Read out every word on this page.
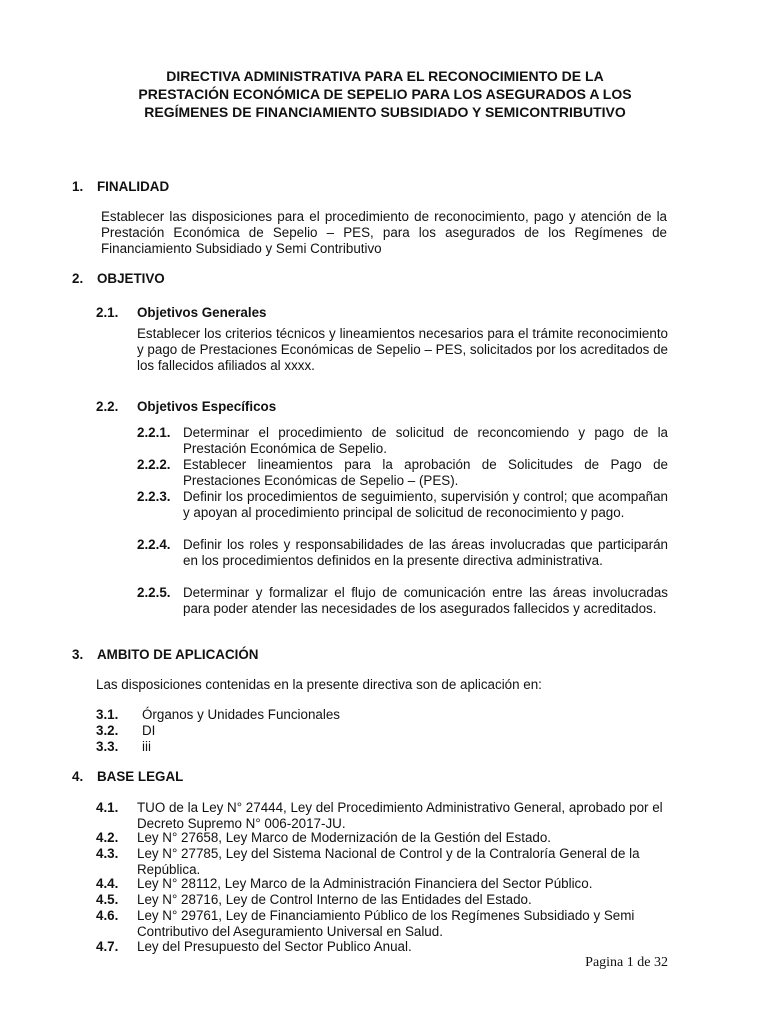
DIRECTIVA ADMINISTRATIVA PARA EL RECONOCIMIENTO DE LA
PRESTACIÓN ECONÓMICA DE SEPELIO PARA LOS ASEGURADOS A LOS
REGÍMENES DE FINANCIAMIENTO SUBSIDIADO Y SEMICONTRIBUTIVO
1. FINALIDAD
Establecer las disposiciones para el procedimiento de reconocimiento, pago y atención de la Prestación Económica de Sepelio – PES, para los asegurados de los Regímenes de Financiamiento Subsidiado y Semi Contributivo
2. OBJETIVO
2.1. Objetivos Generales
Establecer los criterios técnicos y lineamientos necesarios para el trámite reconocimiento y pago de Prestaciones Económicas de Sepelio – PES, solicitados por los acreditados de los fallecidos afiliados al xxxx.
2.2. Objetivos Específicos
2.2.1. Determinar el procedimiento de solicitud de reconcomiendo y pago de la Prestación Económica de Sepelio.
2.2.2. Establecer lineamientos para la aprobación de Solicitudes de Pago de Prestaciones Económicas de Sepelio – (PES).
2.2.3. Definir los procedimientos de seguimiento, supervisión y control; que acompañan y apoyan al procedimiento principal de solicitud de reconocimiento y pago.
2.2.4. Definir los roles y responsabilidades de las áreas involucradas que participarán en los procedimientos definidos en la presente directiva administrativa.
2.2.5. Determinar y formalizar el flujo de comunicación entre las áreas involucradas para poder atender las necesidades de los asegurados fallecidos y acreditados.
3. AMBITO DE APLICACIÓN
Las disposiciones contenidas en la presente directiva son de aplicación en:
3.1.	Órganos y Unidades Funcionales
3.2.	DI
3.3.	iii
4. BASE LEGAL
4.1. TUO de la Ley N° 27444, Ley del Procedimiento Administrativo General, aprobado por el Decreto Supremo N° 006-2017-JU.
4.2. Ley N° 27658, Ley Marco de Modernización de la Gestión del Estado.
4.3. Ley N° 27785, Ley del Sistema Nacional de Control y de la Contraloría General de la República.
4.4. Ley N° 28112, Ley Marco de la Administración Financiera del Sector Público.
4.5. Ley N° 28716, Ley de Control Interno de las Entidades del Estado.
4.6. Ley N° 29761, Ley de Financiamiento Público de los Regímenes Subsidiado y Semi Contributivo del Aseguramiento Universal en Salud.
4.7. Ley del Presupuesto del Sector Publico Anual.
Pagina 1 de 32
